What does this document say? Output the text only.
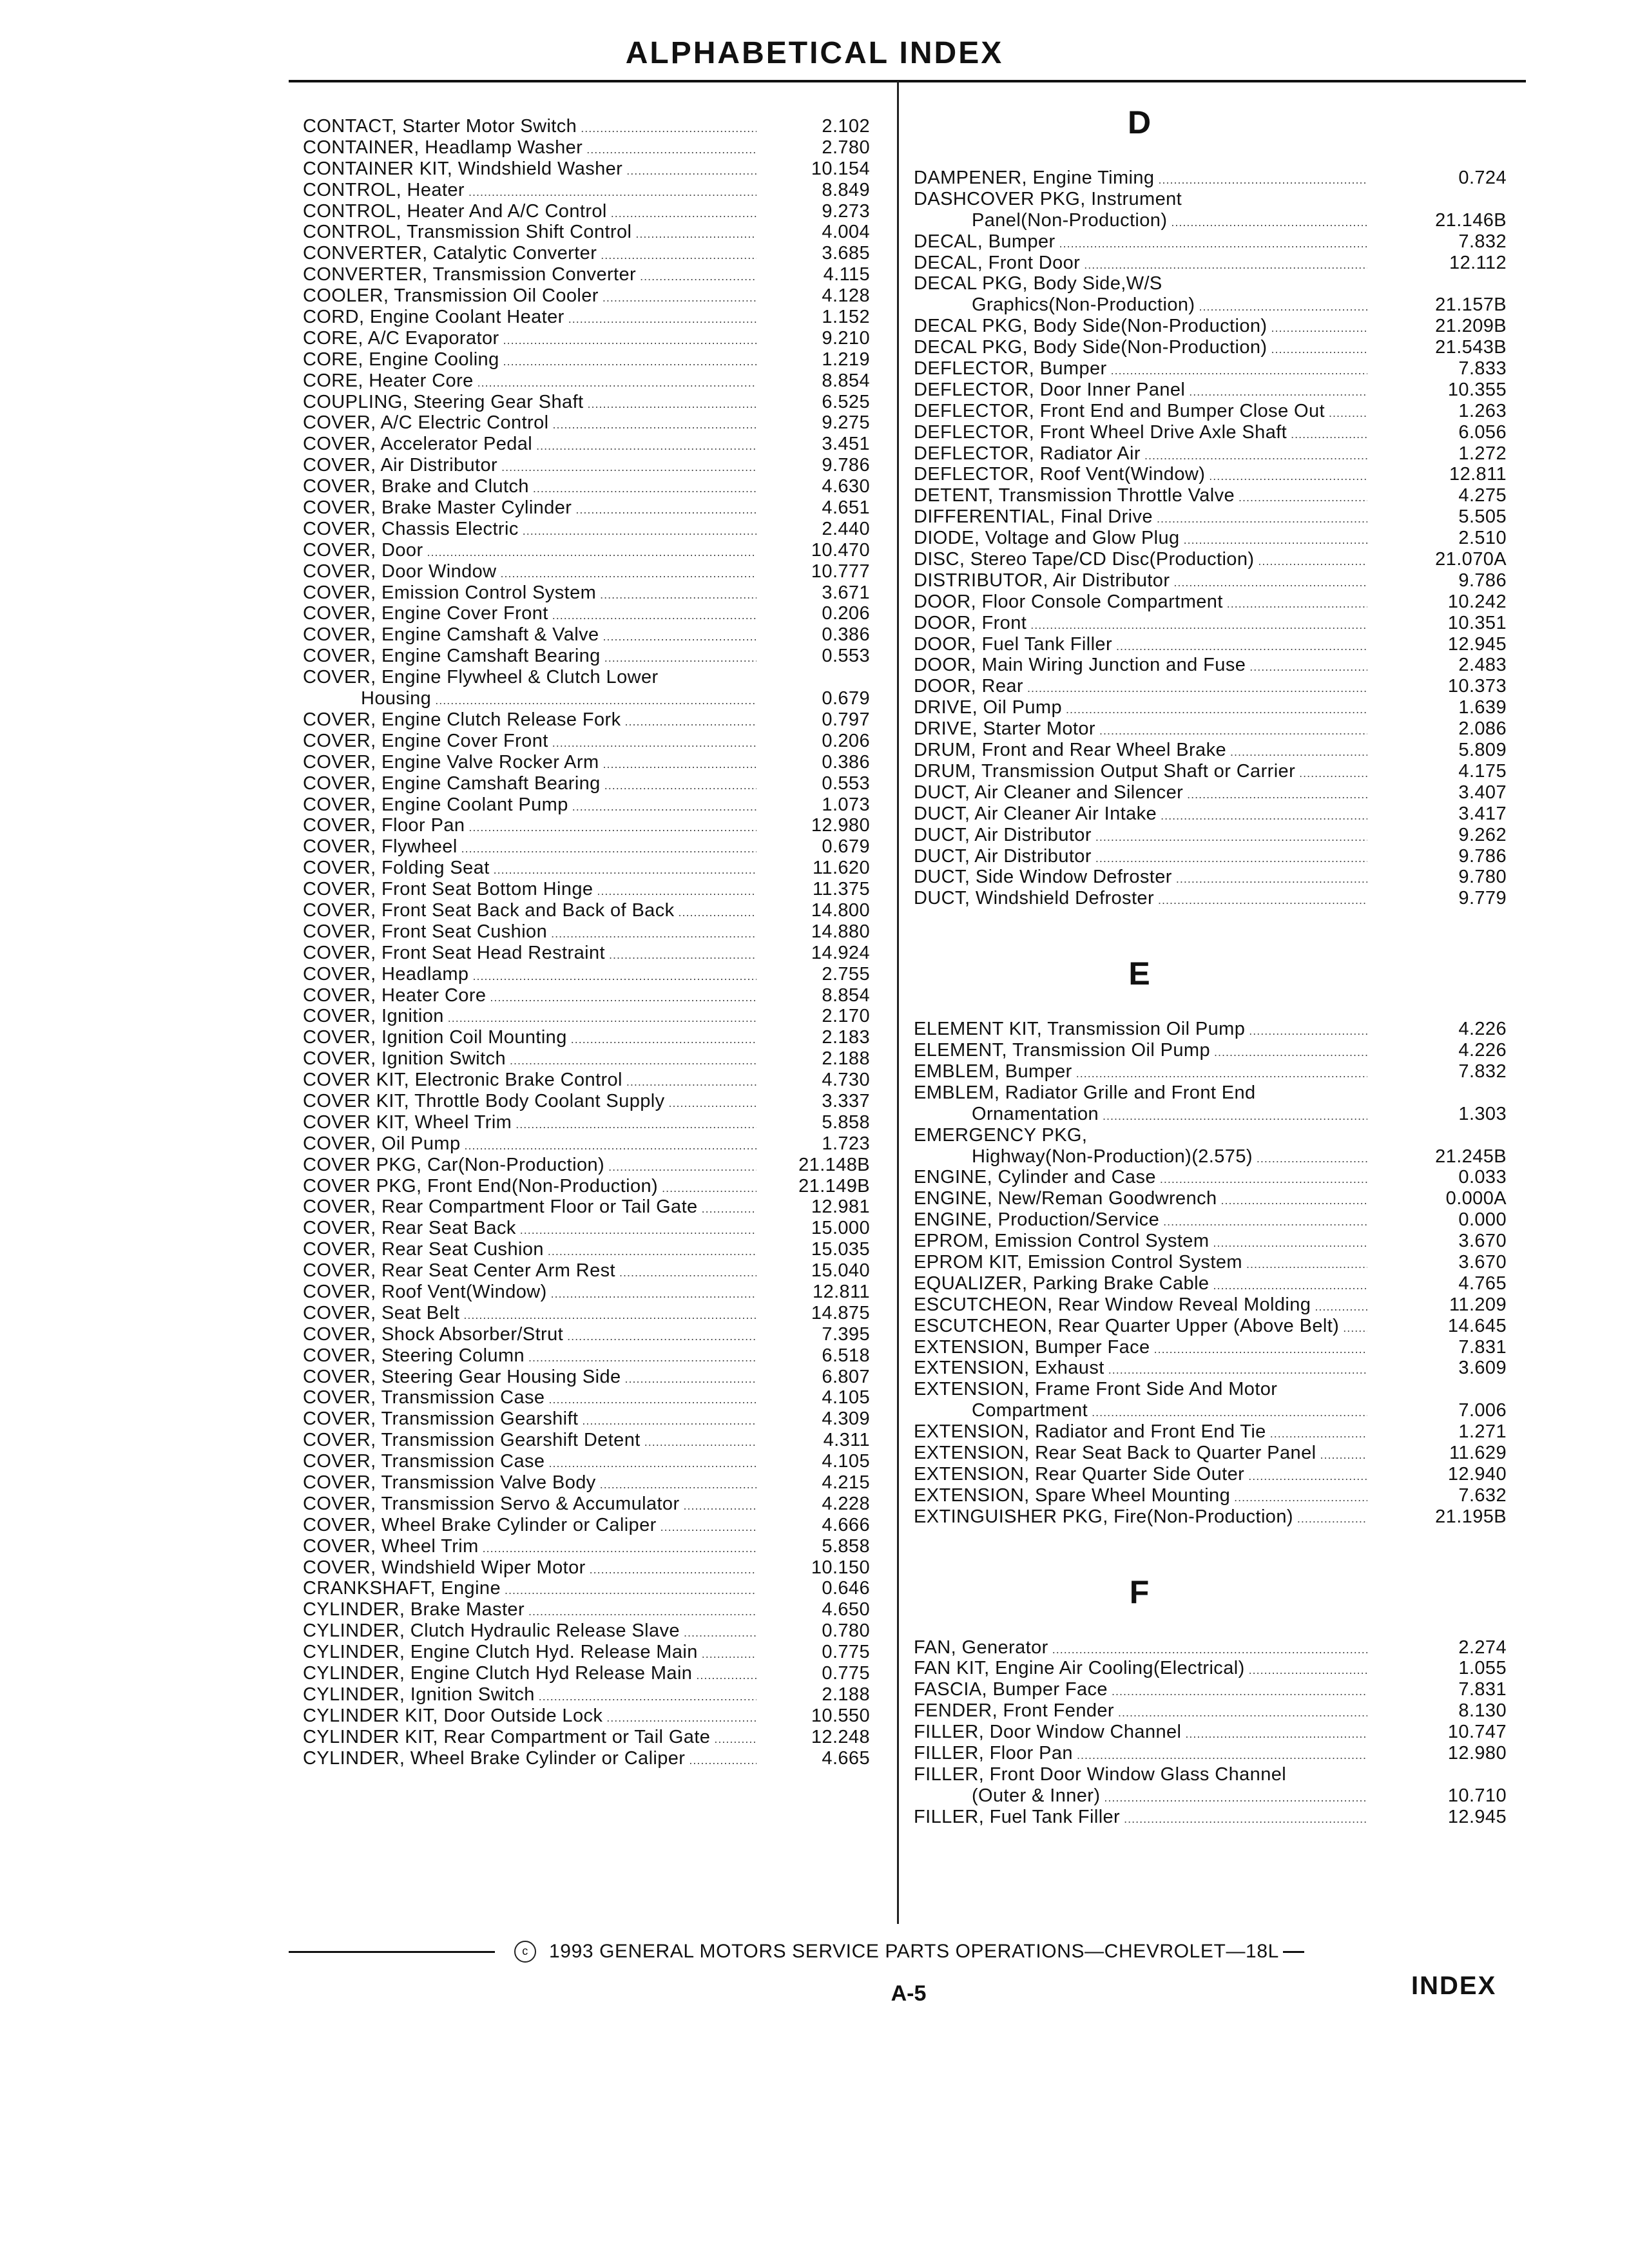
ALPHABETICAL INDEX
CONTACT, Starter Motor Switch .....	2.102
CONTAINER, Headlamp Washer .....	2.780
CONTAINER KIT, Windshield Washer .....	10.154
CONTROL, Heater .....	8.849
CONTROL, Heater And A/C Control .....	9.273
CONTROL, Transmission Shift Control .....	4.004
CONVERTER, Catalytic Converter .....	3.685
CONVERTER, Transmission Converter .....	4.115
COOLER, Transmission Oil Cooler .....	4.128
CORD, Engine Coolant Heater .....	1.152
CORE, A/C Evaporator .....	9.210
CORE, Engine Cooling .....	1.219
CORE, Heater Core .....	8.854
COUPLING, Steering Gear Shaft .....	6.525
COVER, A/C Electric Control .....	9.275
COVER, Accelerator Pedal .....	3.451
COVER, Air Distributor .....	9.786
COVER, Brake and Clutch .....	4.630
COVER, Brake Master Cylinder .....	4.651
COVER, Chassis Electric .....	2.440
COVER, Door .....	10.470
COVER, Door Window .....	10.777
COVER, Emission Control System .....	3.671
COVER, Engine Cover Front .....	0.206
COVER, Engine Camshaft & Valve .....	0.386
COVER, Engine Camshaft Bearing .....	0.553
COVER, Engine Flywheel & Clutch Lower
Housing .....	0.679
COVER, Engine Clutch Release Fork .....	0.797
COVER, Engine Cover Front .....	0.206
COVER, Engine Valve Rocker Arm .....	0.386
COVER, Engine Camshaft Bearing .....	0.553
COVER, Engine Coolant Pump .....	1.073
COVER, Floor Pan .....	12.980
COVER, Flywheel .....	0.679
COVER, Folding Seat .....	11.620
COVER, Front Seat Bottom Hinge .....	11.375
COVER, Front Seat Back and Back of Back .....	14.800
COVER, Front Seat Cushion .....	14.880
COVER, Front Seat Head Restraint .....	14.924
COVER, Headlamp .....	2.755
COVER, Heater Core .....	8.854
COVER, Ignition .....	2.170
COVER, Ignition Coil Mounting .....	2.183
COVER, Ignition Switch .....	2.188
COVER KIT, Electronic Brake Control .....	4.730
COVER KIT, Throttle Body Coolant Supply .....	3.337
COVER KIT, Wheel Trim .....	5.858
COVER, Oil Pump .....	1.723
COVER PKG, Car(Non-Production) .....	21.148B
COVER PKG, Front End(Non-Production) .....	21.149B
COVER, Rear Compartment Floor or Tail Gate .....	12.981
COVER, Rear Seat Back .....	15.000
COVER, Rear Seat Cushion .....	15.035
COVER, Rear Seat Center Arm Rest .....	15.040
COVER, Roof Vent(Window) .....	12.811
COVER, Seat Belt .....	14.875
COVER, Shock Absorber/Strut .....	7.395
COVER, Steering Column .....	6.518
COVER, Steering Gear Housing Side .....	6.807
COVER, Transmission Case .....	4.105
COVER, Transmission Gearshift .....	4.309
COVER, Transmission Gearshift Detent .....	4.311
COVER, Transmission Case .....	4.105
COVER, Transmission Valve Body .....	4.215
COVER, Transmission Servo & Accumulator .....	4.228
COVER, Wheel Brake Cylinder or Caliper .....	4.666
COVER, Wheel Trim .....	5.858
COVER, Windshield Wiper Motor .....	10.150
CRANKSHAFT, Engine .....	0.646
CYLINDER, Brake Master .....	4.650
CYLINDER, Clutch Hydraulic Release Slave .....	0.780
CYLINDER, Engine Clutch Hyd. Release Main .....	0.775
CYLINDER, Engine Clutch Hyd Release Main .....	0.775
CYLINDER, Ignition Switch .....	2.188
CYLINDER KIT, Door Outside Lock .....	10.550
CYLINDER KIT, Rear Compartment or Tail Gate .....	12.248
CYLINDER, Wheel Brake Cylinder or Caliper .....	4.665
D
DAMPENER, Engine Timing .....	0.724
DASHCOVER PKG, Instrument
Panel(Non-Production) .....	21.146B
DECAL, Bumper .....	7.832
DECAL, Front Door .....	12.112
DECAL PKG, Body Side,W/S
Graphics(Non-Production) .....	21.157B
DECAL PKG, Body Side(Non-Production) .....	21.209B
DECAL PKG, Body Side(Non-Production) .....	21.543B
DEFLECTOR, Bumper .....	7.833
DEFLECTOR, Door Inner Panel .....	10.355
DEFLECTOR, Front End and Bumper Close Out .....	1.263
DEFLECTOR, Front Wheel Drive Axle Shaft .....	6.056
DEFLECTOR, Radiator Air .....	1.272
DEFLECTOR, Roof Vent(Window) .....	12.811
DETENT, Transmission Throttle Valve .....	4.275
DIFFERENTIAL, Final Drive .....	5.505
DIODE, Voltage and Glow Plug .....	2.510
DISC, Stereo Tape/CD Disc(Production) .....	21.070A
DISTRIBUTOR, Air Distributor .....	9.786
DOOR, Floor Console Compartment .....	10.242
DOOR, Front .....	10.351
DOOR, Fuel Tank Filler .....	12.945
DOOR, Main Wiring Junction and Fuse .....	2.483
DOOR, Rear .....	10.373
DRIVE, Oil Pump .....	1.639
DRIVE, Starter Motor .....	2.086
DRUM, Front and Rear Wheel Brake .....	5.809
DRUM, Transmission Output Shaft or Carrier .....	4.175
DUCT, Air Cleaner and Silencer .....	3.407
DUCT, Air Cleaner Air Intake .....	3.417
DUCT, Air Distributor .....	9.262
DUCT, Air Distributor .....	9.786
DUCT, Side Window Defroster .....	9.780
DUCT, Windshield Defroster .....	9.779
E
ELEMENT KIT, Transmission Oil Pump .....	4.226
ELEMENT, Transmission Oil Pump .....	4.226
EMBLEM, Bumper .....	7.832
EMBLEM, Radiator Grille and Front End
Ornamentation .....	1.303
EMERGENCY PKG,
Highway(Non-Production)(2.575) .....	21.245B
ENGINE, Cylinder and Case .....	0.033
ENGINE, New/Reman Goodwrench .....	0.000A
ENGINE, Production/Service .....	0.000
EPROM, Emission Control System .....	3.670
EPROM KIT, Emission Control System .....	3.670
EQUALIZER, Parking Brake Cable .....	4.765
ESCUTCHEON, Rear Window Reveal Molding .....	11.209
ESCUTCHEON, Rear Quarter Upper (Above Belt) .....	14.645
EXTENSION, Bumper Face .....	7.831
EXTENSION, Exhaust .....	3.609
EXTENSION, Frame Front Side And Motor
Compartment .....	7.006
EXTENSION, Radiator and Front End Tie .....	1.271
EXTENSION, Rear Seat Back to Quarter Panel .....	11.629
EXTENSION, Rear Quarter Side Outer .....	12.940
EXTENSION, Spare Wheel Mounting .....	7.632
EXTINGUISHER PKG, Fire(Non-Production) .....	21.195B
F
FAN, Generator .....	2.274
FAN KIT, Engine Air Cooling(Electrical) .....	1.055
FASCIA, Bumper Face .....	7.831
FENDER, Front Fender .....	8.130
FILLER, Door Window Channel .....	10.747
FILLER, Floor Pan .....	12.980
FILLER, Front Door Window Glass Channel
(Outer & Inner) .....	10.710
FILLER, Fuel Tank Filler .....	12.945
c	1993 GENERAL MOTORS SERVICE PARTS OPERATIONS—CHEVROLET—18L
A-5	INDEX
